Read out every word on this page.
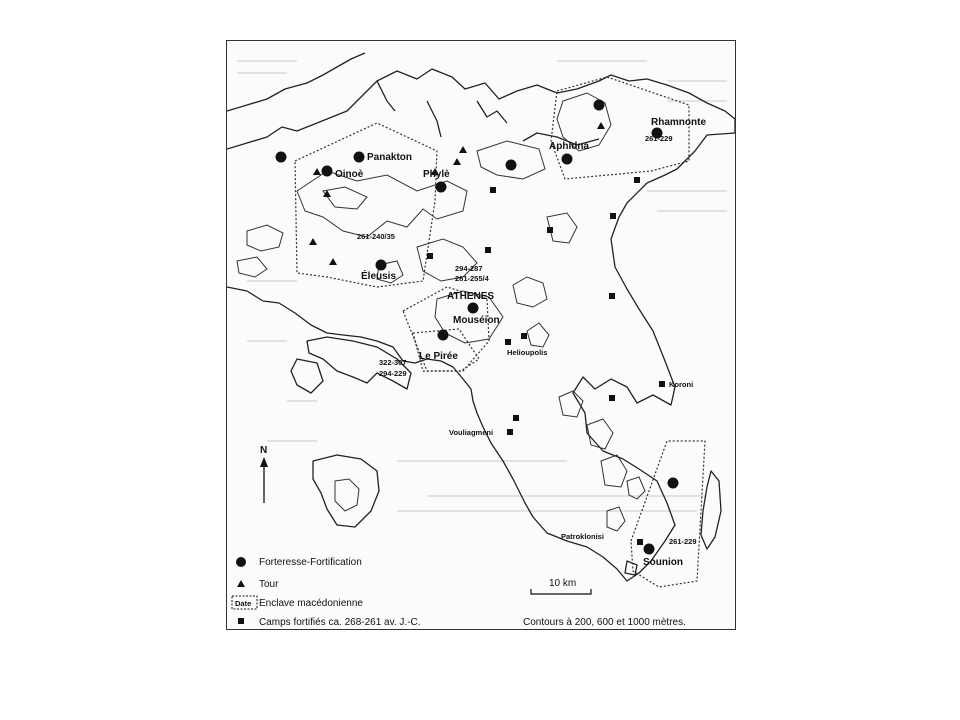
Panakton
Oinoè	Phylè
Aphidna
Rhamnonte
261-229
261-240/35
Éleusis
294-287
261-255/4
ATHENES
Mouséion
Le Pirée
322-307
294-229
Helioupolis
Koroni
Vouliagmeni
Patroklonisi
261-229
Sounion
N
10 km
Forteresse-Fortification
Tour
Date Enclave macédonienne
Camps fortifiés ca. 268-261 av. J.-C.	Contours à 200, 600 et 1000 mètres.
